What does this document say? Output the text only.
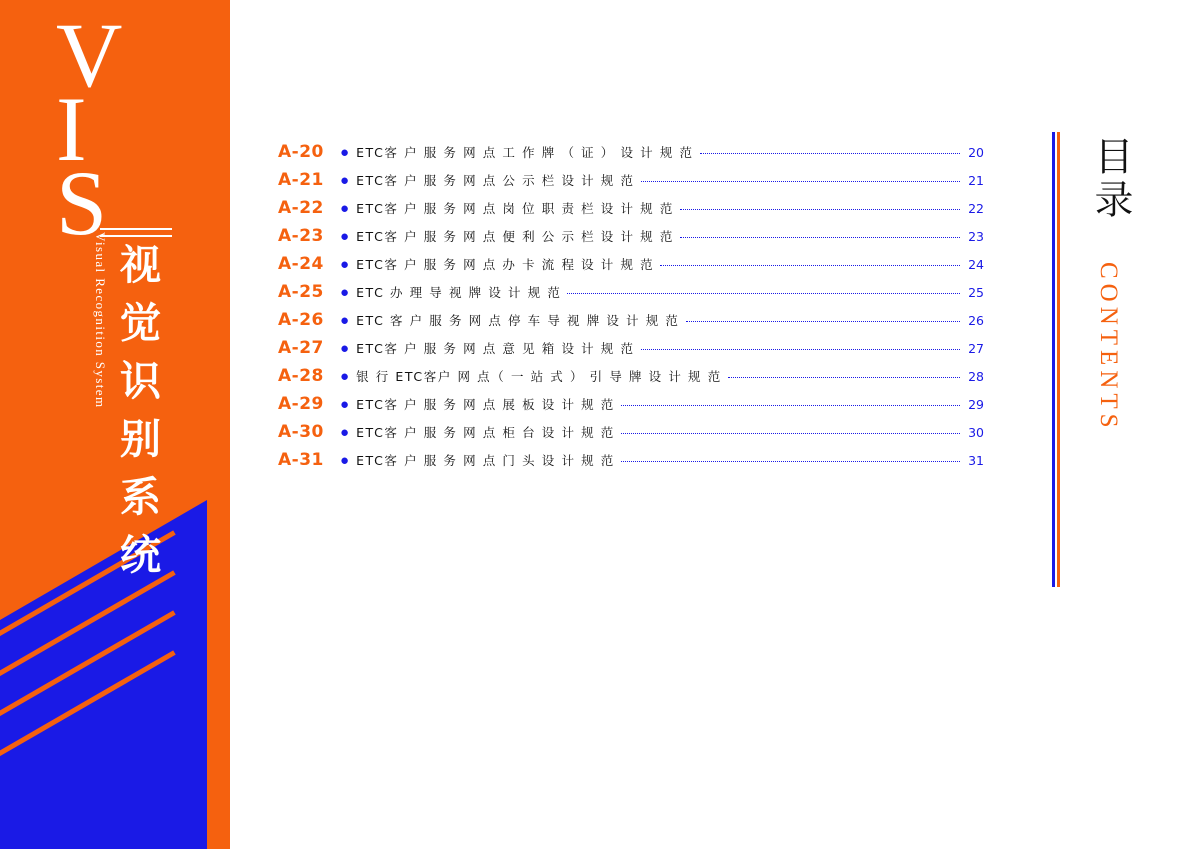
V
I
S
Visual Recognition System 视觉识别系统
A-20	● ETC客 户 服 务 网 点 工 作 牌 （ 证 ） 设 计 规 范	20
A-21	● ETC客 户 服 务 网 点 公 示 栏 设 计 规 范	21
A-22	● ETC客 户 服 务 网 点 岗 位 职 责 栏 设 计 规 范	22
A-23	● ETC客 户 服 务 网 点 便 利 公 示 栏 设 计 规 范	23
A-24	● ETC客 户 服 务 网 点 办 卡 流 程 设 计 规 范	24
A-25	● ETC 办 理 导 视 牌 设 计 规 范	25
A-26	● ETC 客 户 服 务 网 点 停 车 导 视 牌 设 计 规 范	26
A-27	● ETC客 户 服 务 网 点 意 见 箱 设 计 规 范	27
A-28	● 银 行 ETC客户 网 点（ 一 站 式 ） 引 导 牌 设 计 规 范	28
A-29	● ETC客 户 服 务 网 点 展 板 设 计 规 范	29
A-30	● ETC客 户 服 务 网 点 柜 台 设 计 规 范	30
A-31	● ETC客 户 服 务 网 点 门 头 设 计 规 范	31
目录
CONTENTS
